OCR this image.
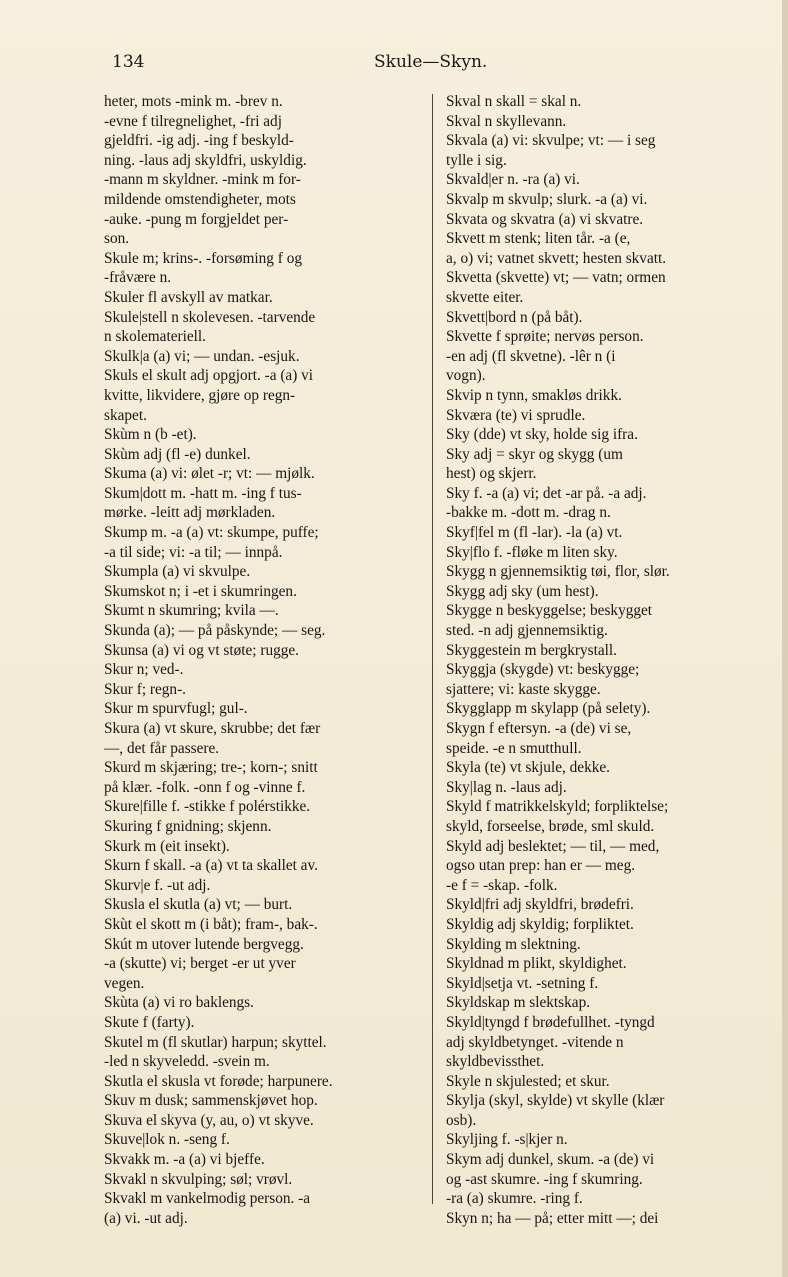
134	Skule—Skyn.
heter, mots -mink m. -brev n.
-evne f tilregnelighet, -fri adj
gjeldfri. -ig adj. -ing f beskyld-
ning. -laus adj skyldfri, uskyldig.
-mann m skyldner. -mink m for-
mildende omstendigheter, mots
-auke. -pung m forgjeldet per-
son.
Skule m; krins-. -forsøming f og
-fråvære n.
Skuler fl avskyll av matkar.
Skule|stell n skolevesen. -tarvende
n skolemateriell.
Skulk|a (a) vi; — undan. -esjuk.
Skuls el skult adj opgjort. -a (a) vi
kvitte, likvidere, gjøre op regn-
skapet.
Skùm n (b -et).
Skùm adj (fl -e) dunkel.
Skuma (a) vi: ølet -r; vt: — mjølk.
Skum|dott m. -hatt m. -ing f tus-
mørke. -leitt adj mørkladen.
Skump m. -a (a) vt: skumpe, puffe;
-a til side; vi: -a til; — innpå.
Skumpla (a) vi skvulpe.
Skumskot n; i -et i skumringen.
Skumt n skumring; kvila —.
Skunda (a); — på påskynde; — seg.
Skunsa (a) vi og vt støte; rugge.
Skur n; ved-.
Skur f; regn-.
Skur m spurvfugl; gul-.
Skura (a) vt skure, skrubbe; det fær
—, det får passere.
Skurd m skjæring; tre-; korn-; snitt
på klær. -folk. -onn f og -vinne f.
Skure|fille f. -stikke f polérstikke.
Skuring f gnidning; skjenn.
Skurk m (eit insekt).
Skurn f skall. -a (a) vt ta skallet av.
Skurv|e f. -ut adj.
Skusla el skutla (a) vt; — burt.
Skùt el skott m (i båt); fram-, bak-.
Skút m utover lutende bergvegg.
-a (skutte) vi; berget -er ut yver
vegen.
Skùta (a) vi ro baklengs.
Skute f (farty).
Skutel m (fl skutlar) harpun; skyttel.
-led n skyveledd. -svein m.
Skutla el skusla vt forøde; harpunere.
Skuv m dusk; sammenskjøvet hop.
Skuva el skyva (y, au, o) vt skyve.
Skuve|lok n. -seng f.
Skvakk m. -a (a) vi bjeffe.
Skvakl n skvulping; søl; vrøvl.
Skvakl m vankelmodig person. -a
(a) vi. -ut adj.
Skval n skall = skal n.
Skval n skyllevann.
Skvala (a) vi: skvulpe; vt: — i seg
tylle i sig.
Skvald|er n. -ra (a) vi.
Skvalp m skvulp; slurk. -a (a) vi.
Skvata og skvatra (a) vi skvatre.
Skvett m stenk; liten tår. -a (e,
a, o) vi; vatnet skvett; hesten skvatt.
Skvetta (skvette) vt; — vatn; ormen
skvette eiter.
Skvett|bord n (på båt).
Skvette f sprøite; nervøs person.
-en adj (fl skvetne). -lêr n (i
vogn).
Skvip n tynn, smakløs drikk.
Skværa (te) vi sprudle.
Sky (dde) vt sky, holde sig ifra.
Sky adj = skyr og skygg (um
hest) og skjerr.
Sky f. -a (a) vi; det -ar på. -a adj.
-bakke m. -dott m. -drag n.
Skyf|fel m (fl -lar). -la (a) vt.
Sky|flo f. -fløke m liten sky.
Skygg n gjennemsiktig tøi, flor, slør.
Skygg adj sky (um hest).
Skygge n beskyggelse; beskygget
sted. -n adj gjennemsiktig.
Skyggestein m bergkrystall.
Skyggja (skygde) vt: beskygge;
sjattere; vi: kaste skygge.
Skygglapp m skylapp (på selety).
Skygn f eftersyn. -a (de) vi se,
speide. -e n smutthull.
Skyla (te) vt skjule, dekke.
Sky|lag n. -laus adj.
Skyld f matrikkelskyld; forpliktelse;
skyld, forseelse, brøde, sml skuld.
Skyld adj beslektet; — til, — med,
ogso utan prep: han er — meg.
-e f = -skap. -folk.
Skyld|fri adj skyldfri, brødefri.
Skyldig adj skyldig; forpliktet.
Skylding m slektning.
Skyldnad m plikt, skyldighet.
Skyld|setja vt. -setning f.
Skyldskap m slektskap.
Skyld|tyngd f brødefullhet. -tyngd
adj skyldbetynget. -vitende n
skyldbevissthet.
Skyle n skjulested; et skur.
Skylja (skyl, skylde) vt skylle (klær
osb).
Skyljing f. -s|kjer n.
Skym adj dunkel, skum. -a (de) vi
og -ast skumre. -ing f skumring.
-ra (a) skumre. -ring f.
Skyn n; ha — på; etter mitt —; dei
